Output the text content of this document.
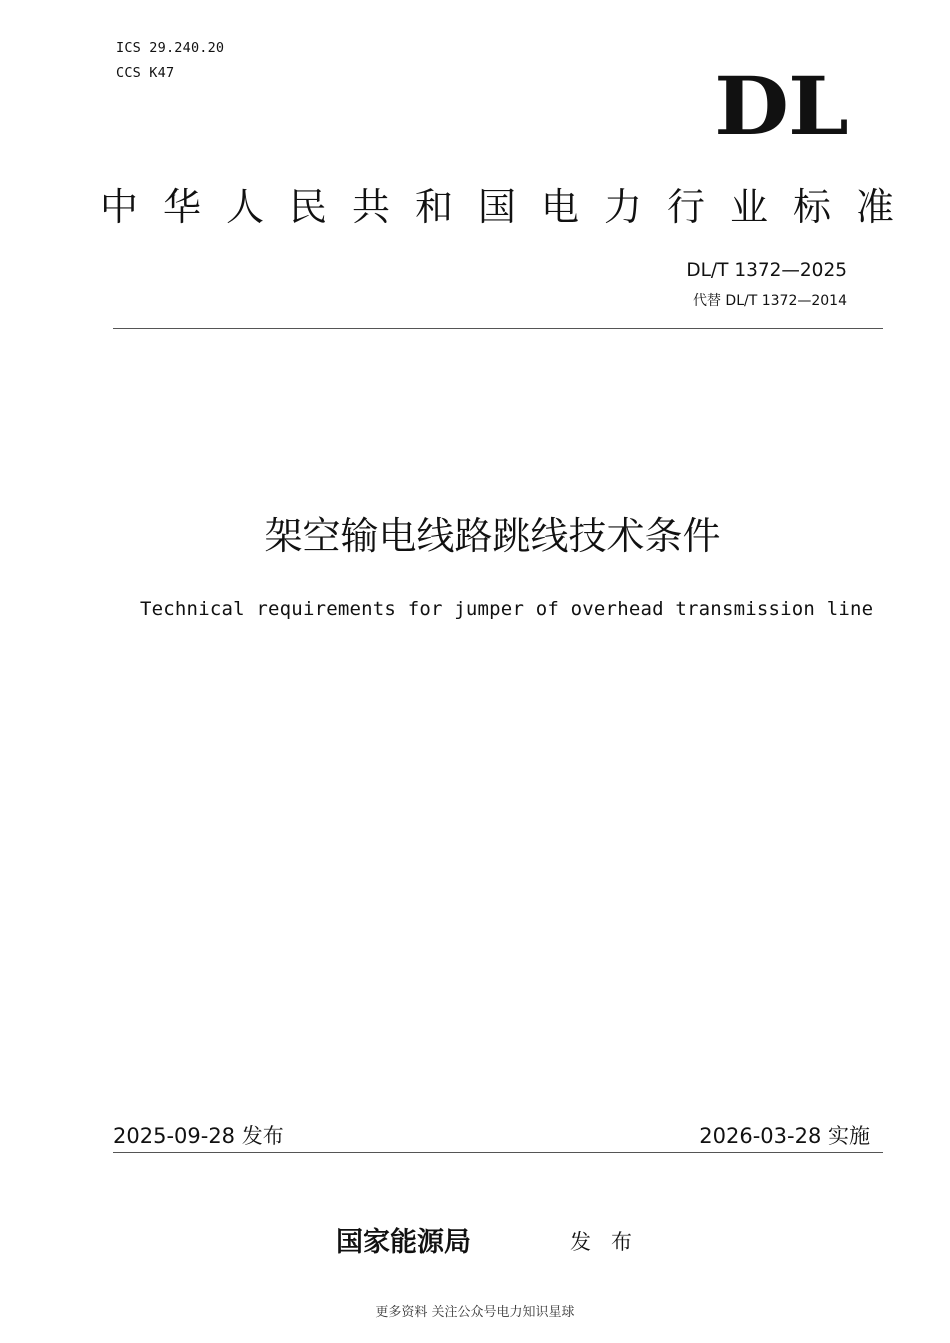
ICS 29.240.20
CCS K47	DL
中华人民共和国电力行业标准
DL/T 1372—2025
代替 DL/T 1372—2014
架空输电线路跳线技术条件
Technical requirements for jumper of overhead transmission line
2025-09-28 发布	2026-03-28 实施
国家能源局	发布
更多资料 关注公众号电力知识星球
